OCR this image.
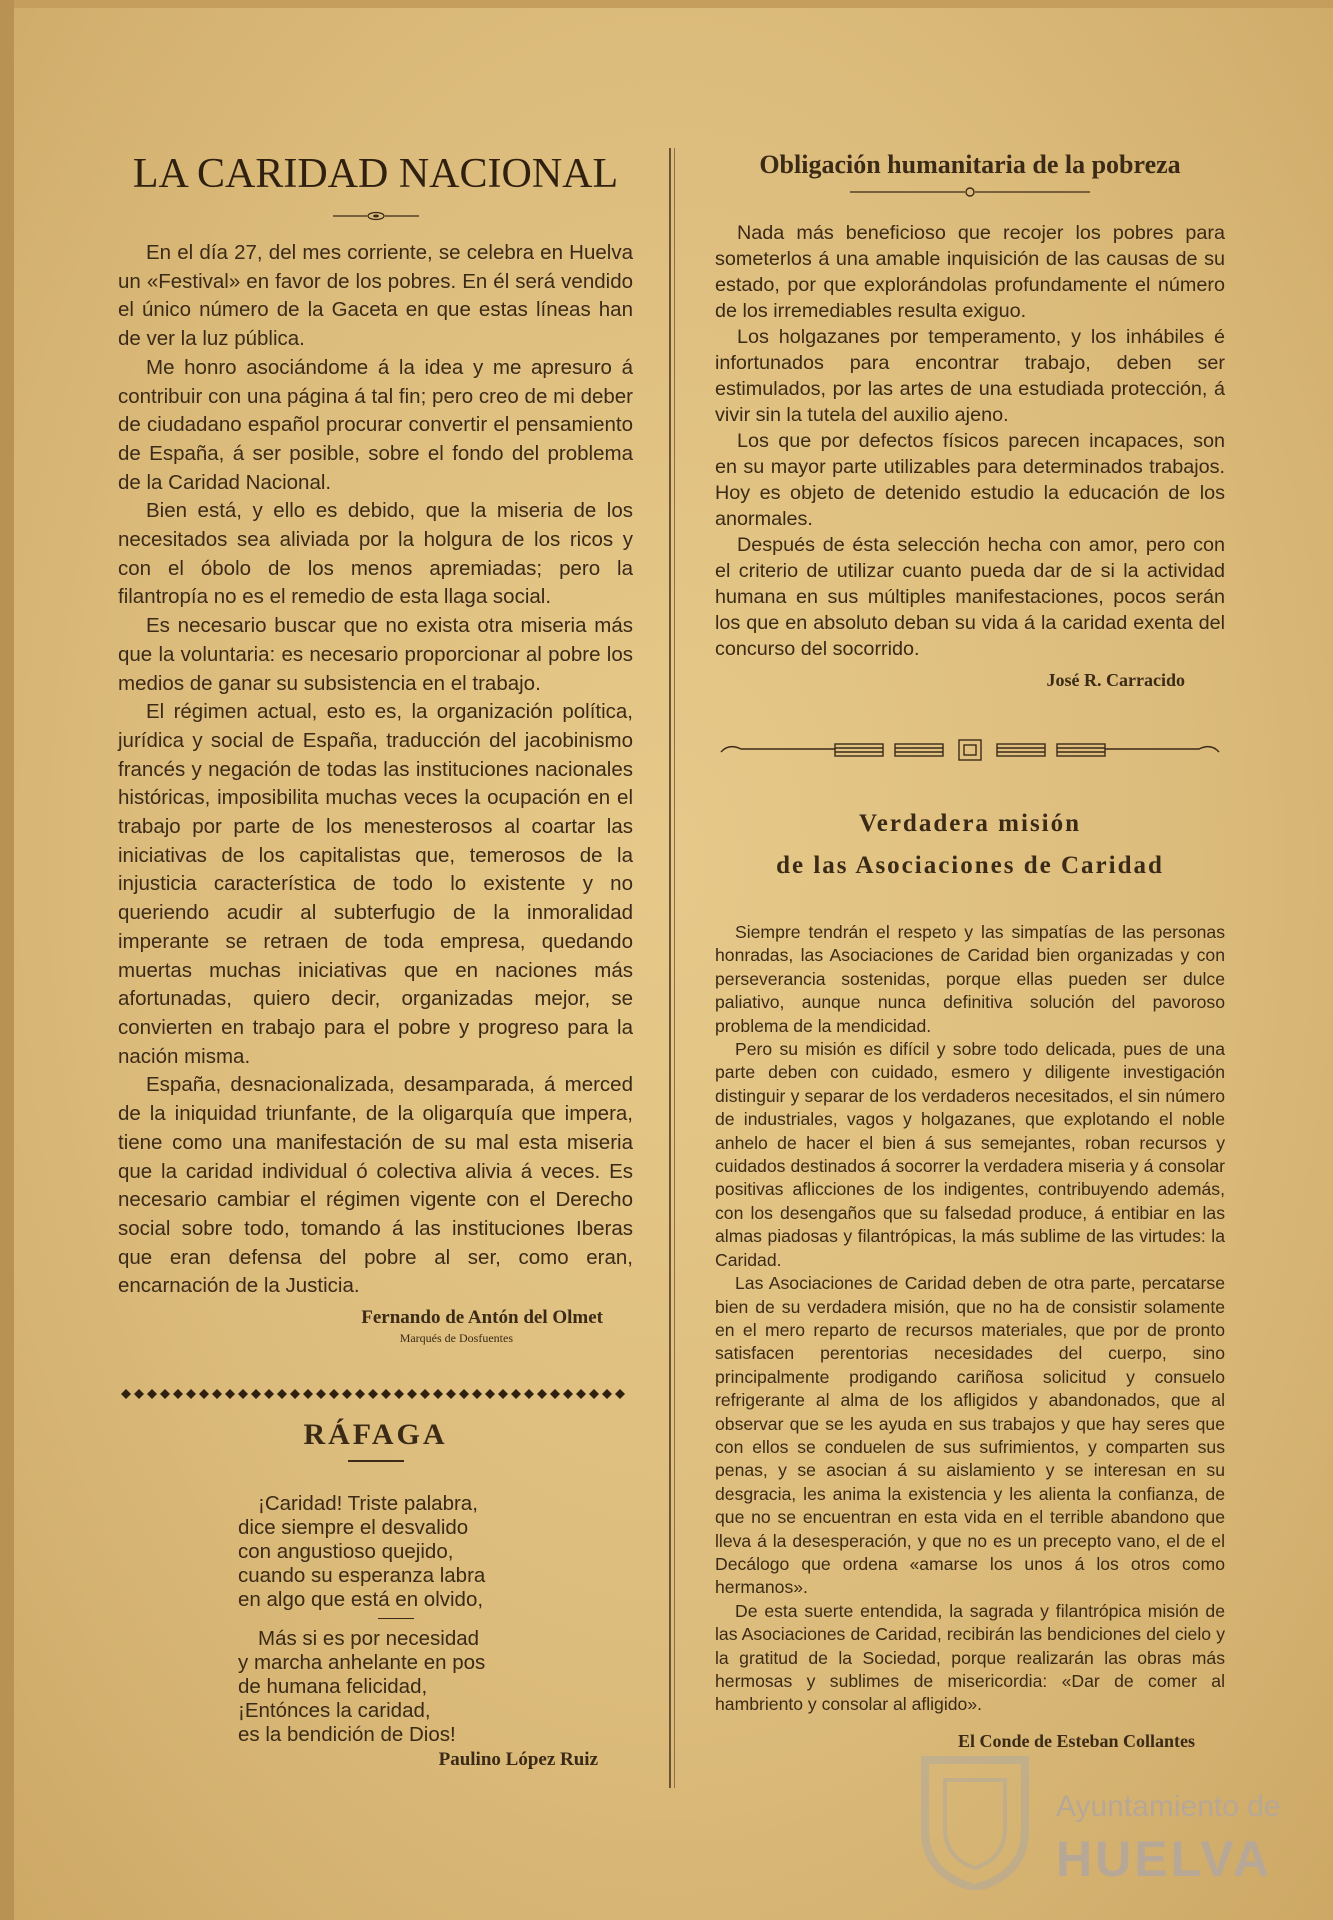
LA CARIDAD NACIONAL

En el día 27, del mes corriente, se celebra en Huelva un «Festival» en favor de los pobres. En él será vendido el único número de la Gaceta en que estas líneas han de ver la luz pública.

Me honro asociándome á la idea y me apresuro á contribuir con una página á tal fin; pero creo de mi deber de ciudadano español procurar convertir el pensamiento de España, á ser posible, sobre el fondo del problema de la Caridad Nacional.

Bien está, y ello es debido, que la miseria de los necesitados sea aliviada por la holgura de los ricos y con el óbolo de los menos apremiadas; pero la filantropía no es el remedio de esta llaga social.

Es necesario buscar que no exista otra miseria más que la voluntaria: es necesario proporcionar al pobre los medios de ganar su subsistencia en el trabajo.

El régimen actual, esto es, la organización política, jurídica y social de España, traducción del jacobinismo francés y negación de todas las instituciones nacionales históricas, imposibilita muchas veces la ocupación en el trabajo por parte de los menesterosos al coartar las iniciativas de los capitalistas que, temerosos de la injusticia característica de todo lo existente y no queriendo acudir al subterfugio de la inmoralidad imperante se retraen de toda empresa, quedando muertas muchas iniciativas que en naciones más afortunadas, quiero decir, organizadas mejor, se convierten en trabajo para el pobre y progreso para la nación misma.

España, desnacionalizada, desamparada, á merced de la iniquidad triunfante, de la oligarquía que impera, tiene como una manifestación de su mal esta miseria que la caridad individual ó colectiva alivia á veces. Es necesario cambiar el régimen vigente con el Derecho social sobre todo, tomando á las instituciones Iberas que eran defensa del pobre al ser, como eran, encarnación de la Justicia.

Fernando de Antón del Olmet
Marqués de Dosfuentes
RÁFAGA
¡Caridad! Triste palabra,
dice siempre el desvalido
con angustioso quejido,
cuando su esperanza labra
en algo que está en olvido,
Más si es por necesidad
y marcha anhelante en pos
de humana felicidad,
¡Entónces la caridad,
es la bendición de Dios!
Paulino López Ruiz
Obligación humanitaria de la pobreza

Nada más beneficioso que recojer los pobres para someterlos á una amable inquisición de las causas de su estado, por que explorándolas profundamente el número de los irremediables resulta exiguo.

Los holgazanes por temperamento, y los inhábiles é infortunados para encontrar trabajo, deben ser estimulados, por las artes de una estudiada protección, á vivir sin la tutela del auxilio ajeno.

Los que por defectos físicos parecen incapaces, son en su mayor parte utilizables para determinados trabajos. Hoy es objeto de detenido estudio la educación de los anormales.

Después de ésta selección hecha con amor, pero con el criterio de utilizar cuanto pueda dar de si la actividad humana en sus múltiples manifestaciones, pocos serán los que en absoluto deban su vida á la caridad exenta del concurso del socorrido.

José R. Carracido
Verdadera misión
de las Asociaciones de Caridad

Siempre tendrán el respeto y las simpatías de las personas honradas, las Asociaciones de Caridad bien organizadas y con perseverancia sostenidas, porque ellas pueden ser dulce paliativo, aunque nunca definitiva solución del pavoroso problema de la mendicidad.

Pero su misión es difícil y sobre todo delicada, pues de una parte deben con cuidado, esmero y diligente investigación distinguir y separar de los verdaderos necesitados, el sin número de industriales, vagos y holgazanes, que explotando el noble anhelo de hacer el bien á sus semejantes, roban recursos y cuidados destinados á socorrer la verdadera miseria y á consolar positivas aflicciones de los indigentes, contribuyendo además, con los desengaños que su falsedad produce, á entibiar en las almas piadosas y filantrópicas, la más sublime de las virtudes: la Caridad.

Las Asociaciones de Caridad deben de otra parte, percatarse bien de su verdadera misión, que no ha de consistir solamente en el mero reparto de recursos materiales, que por de pronto satisfacen perentorias necesidades del cuerpo, sino principalmente prodigando cariñosa solicitud y consuelo refrigerante al alma de los afligidos y abandonados, que al observar que se les ayuda en sus trabajos y que hay seres que con ellos se conduelen de sus sufrimientos, y comparten sus penas, y se asocian á su aislamiento y se interesan en su desgracia, les anima la existencia y les alienta la confianza, de que no se encuentran en esta vida en el terrible abandono que lleva á la desesperación, y que no es un precepto vano, el de el Decálogo que ordena «amarse los unos á los otros como hermanos».

De esta suerte entendida, la sagrada y filantrópica misión de las Asociaciones de Caridad, recibirán las bendiciones del cielo y la gratitud de la Sociedad, porque realizarán las obras más hermosas y sublimes de misericordia: «Dar de comer al hambriento y consolar al afligido».

El Conde de Esteban Collantes
Ayuntamiento de
HUELVA
